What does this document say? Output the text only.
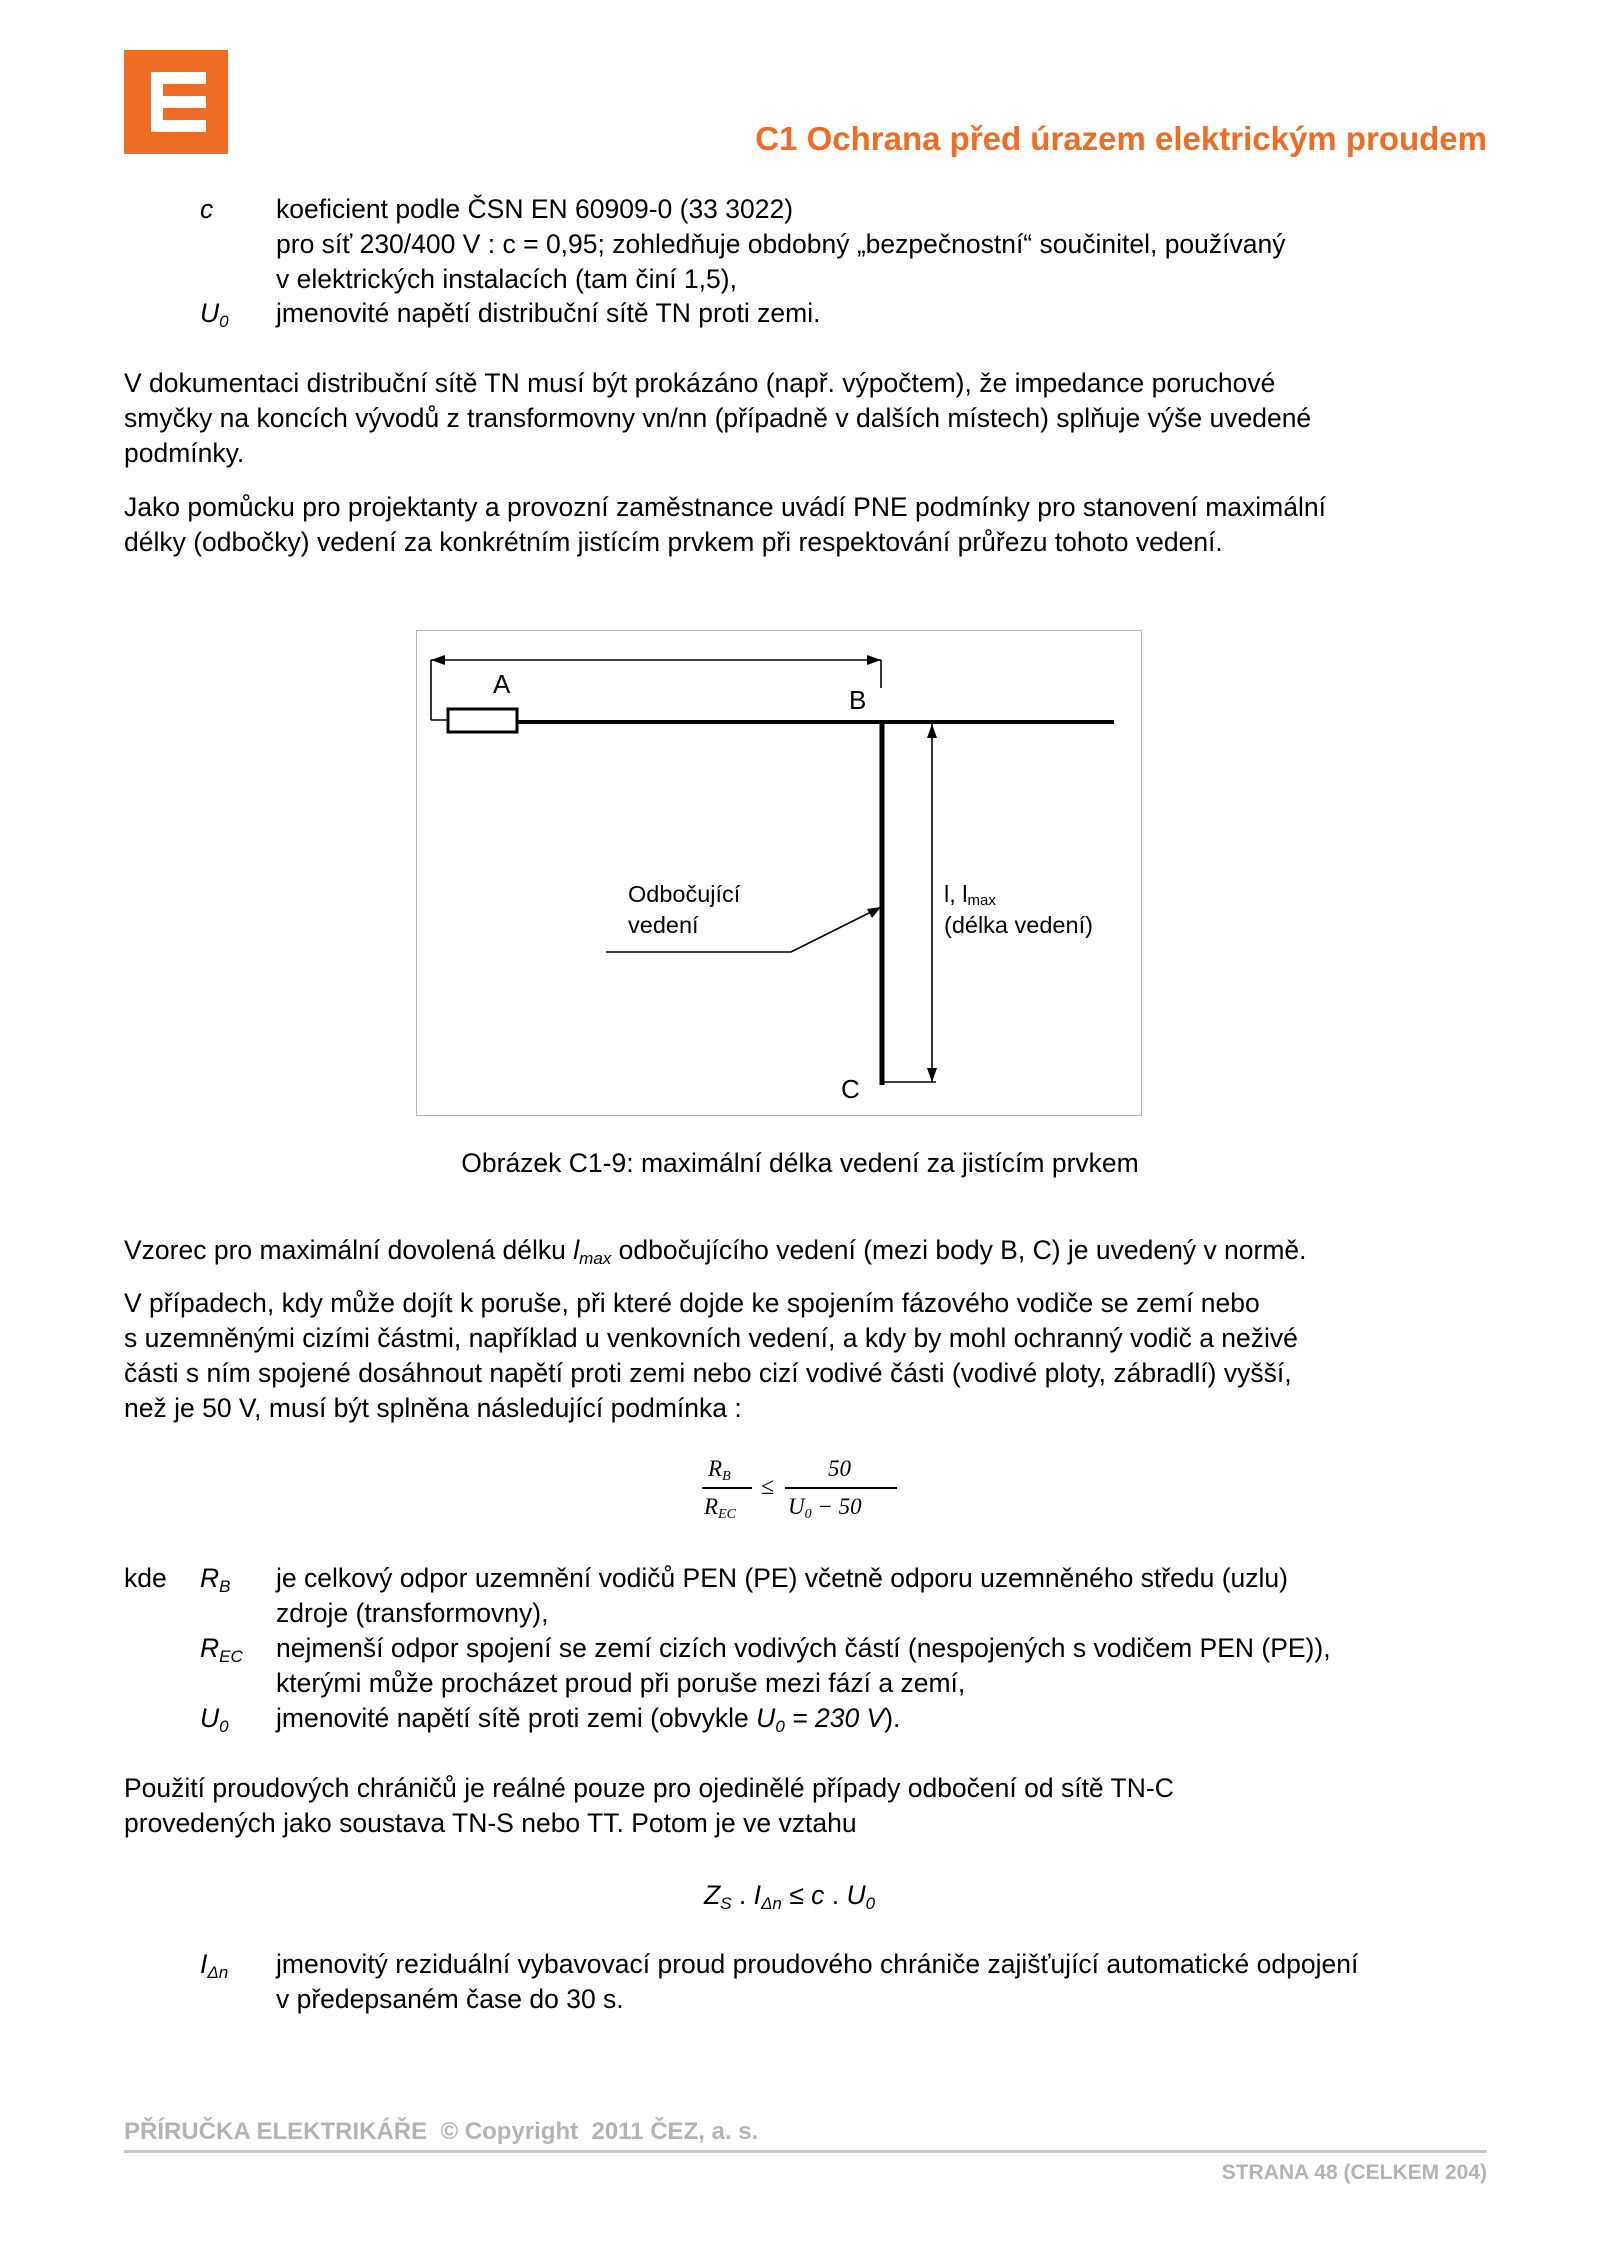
C1 Ochrana před úrazem elektrickým proudem
c koeficient podle ČSN EN 60909-0 (33 3022)
pro síť 230/400 V : c = 0,95; zohledňuje obdobný „bezpečnostní“ součinitel, používaný
v elektrických instalacích (tam činí 1,5),
$U_0$ jmenovité napětí distribuční sítě TN proti zemi.
V dokumentaci distribuční sítě TN musí být prokázáno (např. výpočtem), že impedance poruchové
smyčky na koncích vývodů z transformovny vn/nn (případně v dalších místech) splňuje výše uvedené
podmínky.
Jako pomůcku pro projektanty a provozní zaměstnance uvádí PNE podmínky pro stanovení maximální
délky (odbočky) vedení za konkrétním jistícím prvkem při respektování průřezu tohoto vedení.
A
B
C
Odbočující
vedení
l, lmax
(délka vedení)
Obrázek C1-9: maximální délka vedení za jistícím prvkem
Vzorec pro maximální dovolená délku $l_{max}$ odbočujícího vedení (mezi body B, C) je uvedený v normě.
V případech, kdy může dojít k poruše, při které dojde ke spojením fázového vodiče se zemí nebo
s uzemněnými cizími částmi, například u venkovních vedení, a kdy by mohl ochranný vodič a neživé
části s ním spojené dosáhnout napětí proti zemi nebo cizí vodivé části (vodivé ploty, zábradlí) vyšší,
než je 50 V, musí být splněna následující podmínka :
$R_B$
$R_{EC}$
≤
50
$U_0 - 50$
kde $R_B$ je celkový odpor uzemnění vodičů PEN (PE) včetně odporu uzemněného středu (uzlu)
zdroje (transformovny),
$R_{EC}$ nejmenší odpor spojení se zemí cizích vodivých částí (nespojených s vodičem PEN (PE)),
kterými může procházet proud při poruše mezi fází a zemí,
$U_0$ jmenovité napětí sítě proti zemi (obvykle $U_0 = 230$ V).
Použití proudových chráničů je reálné pouze pro ojedinělé případy odbočení od sítě TN-C
provedených jako soustava TN-S nebo TT. Potom je ve vztahu
$Z_S$ . $I_{\Delta n} \le c$ . $U_0$
$I_{\Delta n}$ jmenovitý reziduální vybavovací proud proudového chrániče zajišťující automatické odpojení
v předepsaném čase do 30 s.
PŘÍRUČKA ELEKTRIKÁŘE  © Copyright  2011 ČEZ, a. s.
STRANA 48 (CELKEM 204)
